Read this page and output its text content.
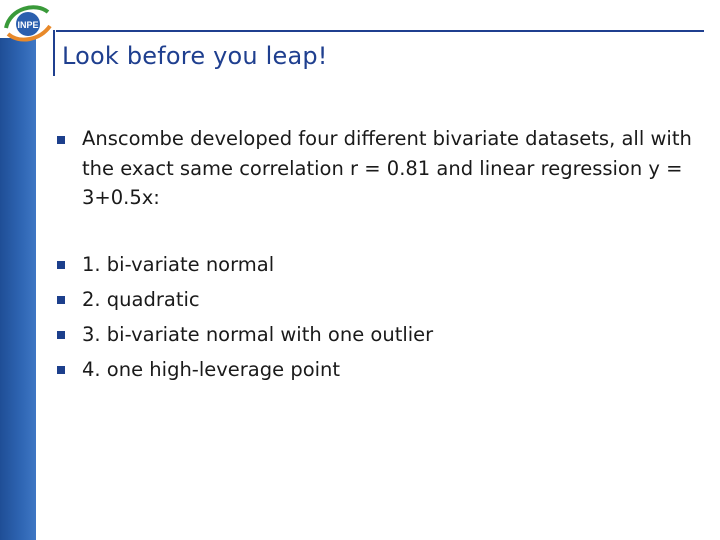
INPE
Look before you leap!
Anscombe developed four different bivariate datasets, all with the exact same correlation r = 0.81 and linear regression y = 3+0.5x:
1. bi-variate normal
2. quadratic
3. bi-variate normal with one outlier
4. one high-leverage point
